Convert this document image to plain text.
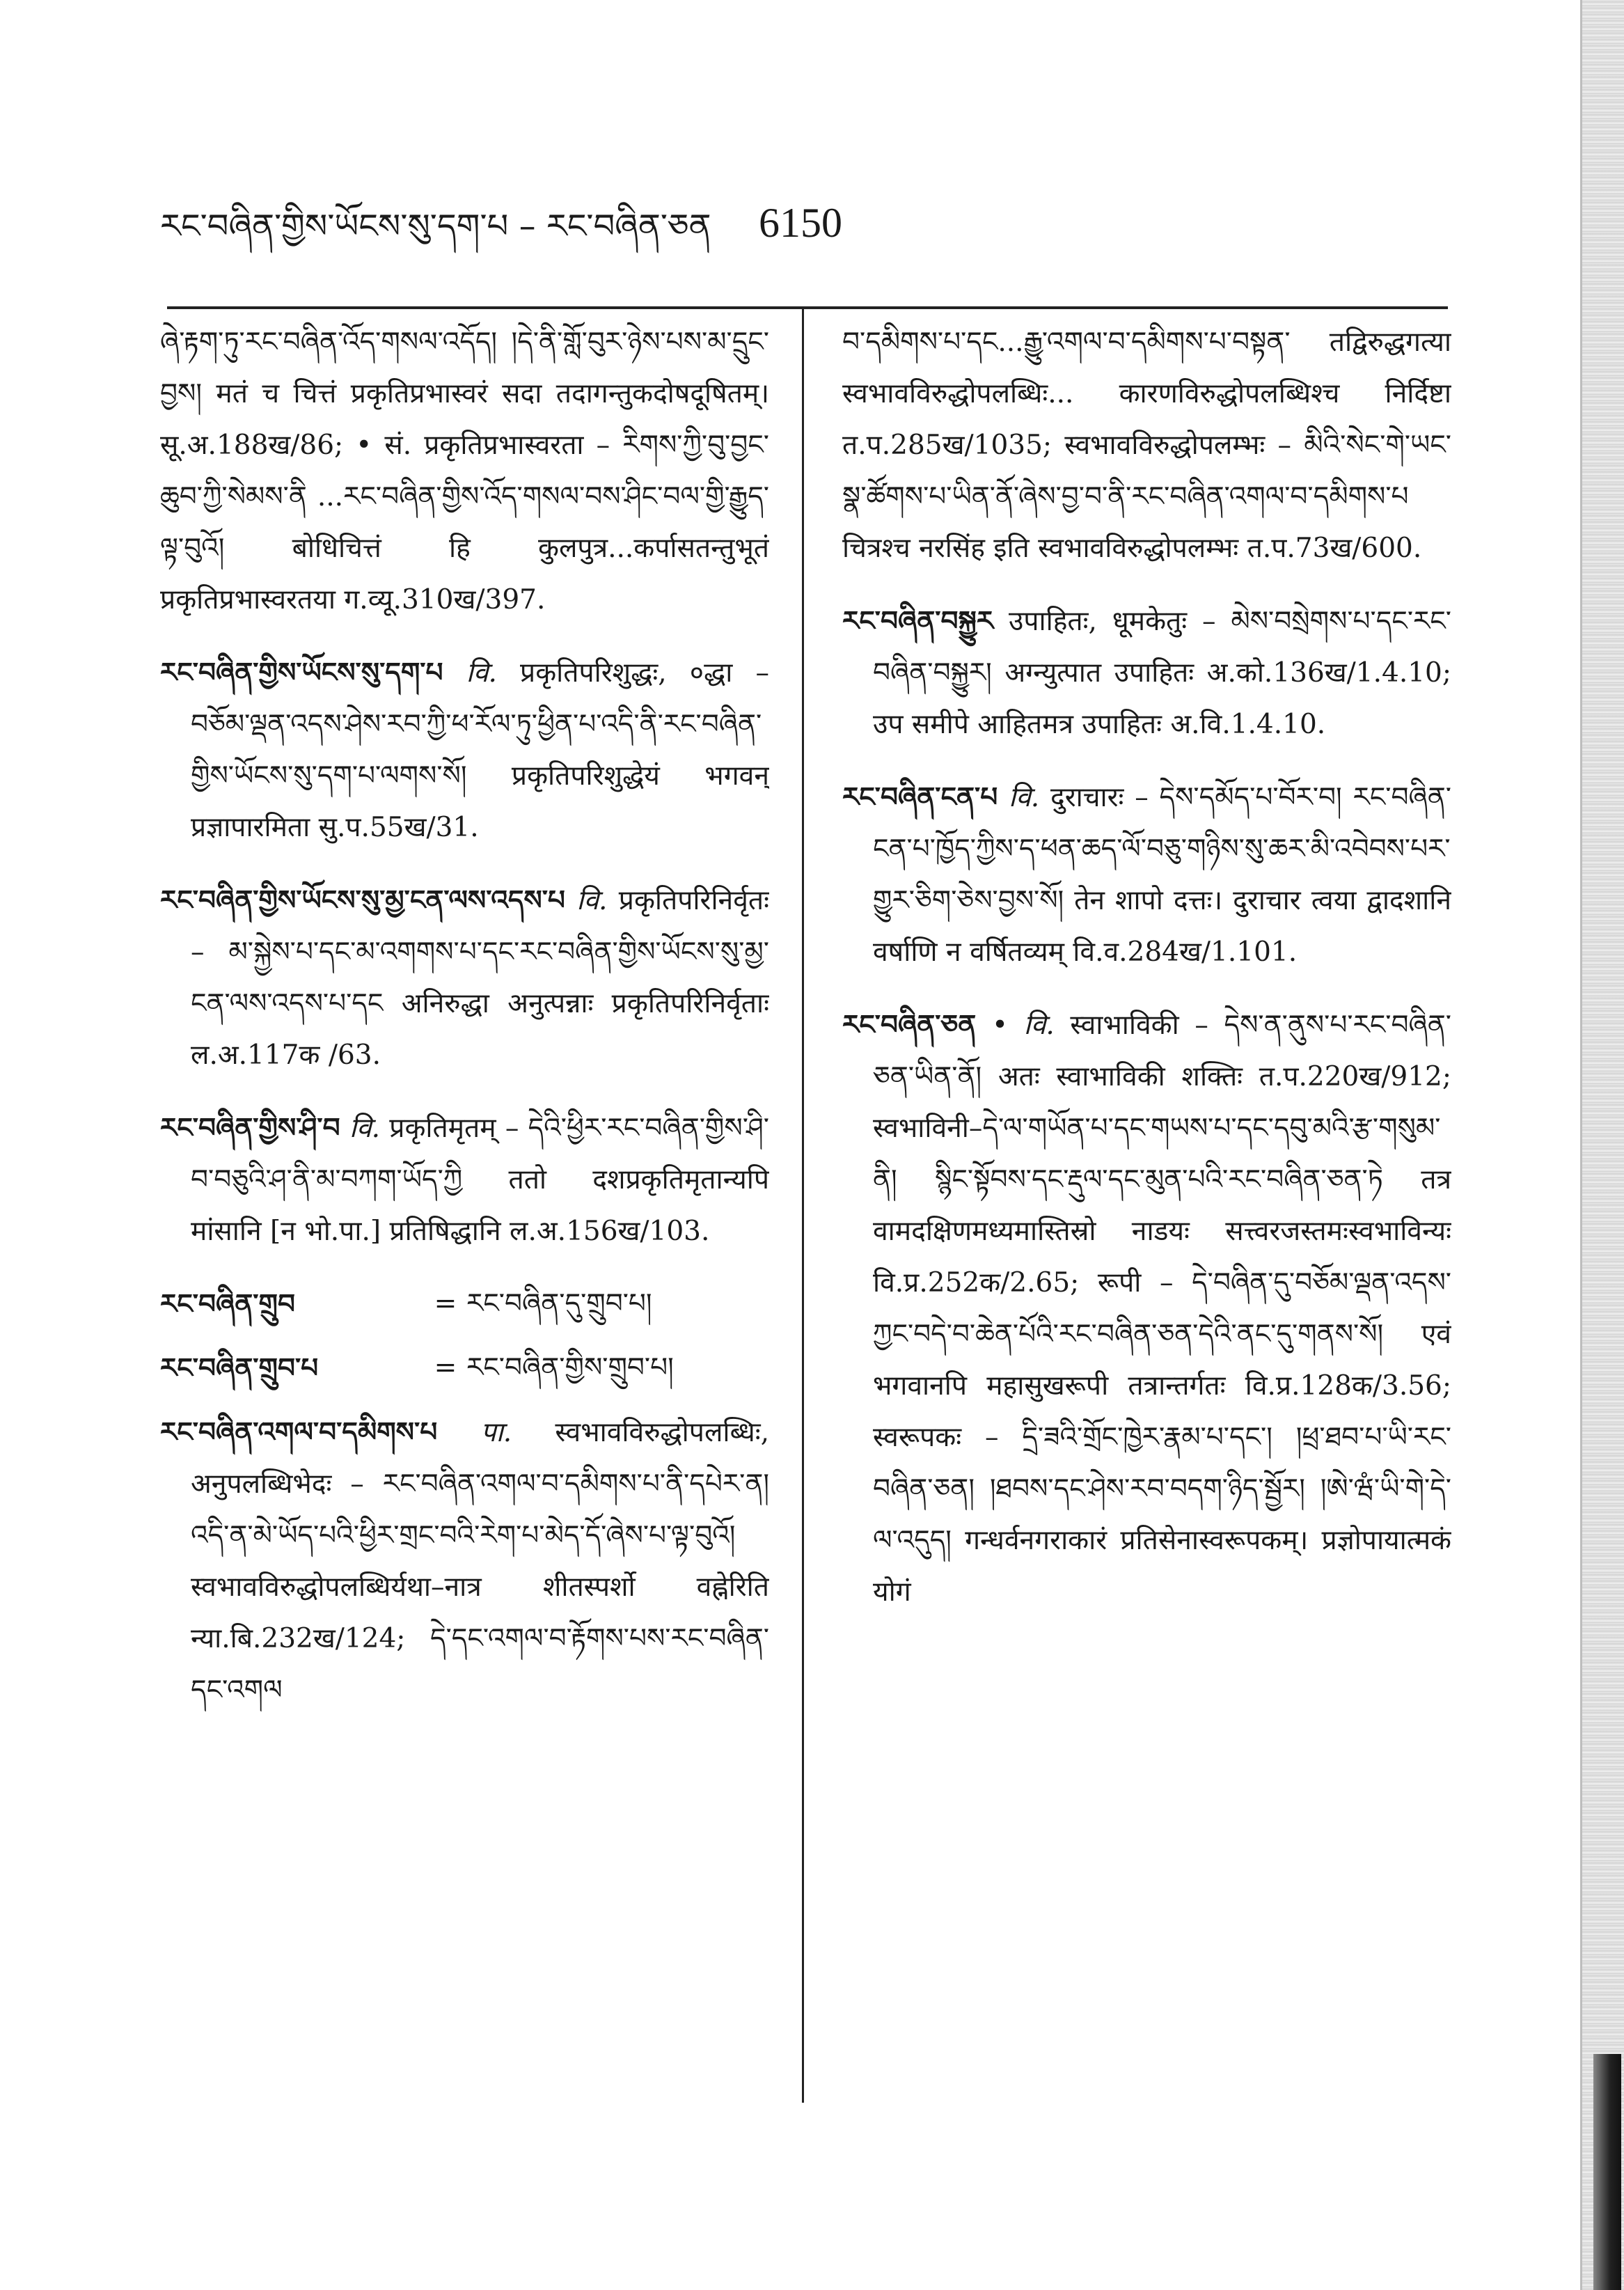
རང་བཞིན་གྱིས་ཡོངས་སུ་དག་པ – རང་བཞིན་ཅན	6150

ཞེ་རྟག་ཏུ་རང་བཞིན་འོད་གསལ་འདོད། །དེ་ནི་གློ་བུར་ཉེས་པས་མ་དྲུང་བྱས། मतं च चित्तं प्रकृतिप्रभास्वरं सदा तदागन्तुकदोषदूषितम्। सू.अ.188ख/86; • सं. प्रकृतिप्रभास्वरता – རིགས་ཀྱི་བུ་བྱང་ཆུབ་ཀྱི་སེམས་ནི ...རང་བཞིན་གྱིས་འོད་གསལ་བས་ཤིང་བལ་གྱི་རྒྱུད་ལྟ་བུའོ། बोधिचित्तं हि कुलपुत्र...कर्पासतन्तुभूतं प्रकृतिप्रभास्वरतया ग.व्यू.310ख/397.

རང་བཞིན་གྱིས་ཡོངས་སུ་དག་པ वि. प्रकृतिपरिशुद्धः, ०द्धा – བཅོམ་ལྡན་འདས་ཤེས་རབ་ཀྱི་ཕ་རོལ་ཏུ་ཕྱིན་པ་འདི་ནི་རང་བཞིན་གྱིས་ཡོངས་སུ་དག་པ་ལགས་སོ། प्रकृतिपरिशुद्धेयं भगवन् प्रज्ञापारमिता सु.प.55ख/31.

རང་བཞིན་གྱིས་ཡོངས་སུ་མྱ་ངན་ལས་འདས་པ वि. प्रकृतिपरिनिर्वृतः – མ་སྐྱེས་པ་དང་མ་འགགས་པ་དང་རང་བཞིན་གྱིས་ཡོངས་སུ་མྱ་ངན་ལས་འདས་པ་དང अनिरुद्धा अनुत्पन्नाः प्रकृतिपरिनिर्वृताः ल.अ.117क /63.

རང་བཞིན་གྱིས་ཤི་བ वि. प्रकृतिमृतम् – དེའི་ཕྱིར་རང་བཞིན་གྱིས་ཤི་བ་བཅུའི་ཤ་ནི་མ་བཀག་ཡོད་ཀྱི ततो दशप्रकृतिमृतान्यपि मांसानि [न भो.पा.] प्रतिषिद्धानि ल.अ.156ख/103.

རང་བཞིན་གྲུབ	= རང་བཞིན་དུ་གྲུབ་པ།
རང་བཞིན་གྲུབ་པ	= རང་བཞིན་གྱིས་གྲུབ་པ།

རང་བཞིན་འགལ་བ་དམིགས་པ पा. स्वभावविरुद्धोपलब्धिः, अनुपलब्धिभेदः – རང་བཞིན་འགལ་བ་དམིགས་པ་ནི་དཔེར་ན། འདི་ན་མེ་ཡོད་པའི་ཕྱིར་གྲང་བའི་རེག་པ་མེད་དོ་ཞེས་པ་ལྟ་བུའོ། स्वभावविरुद्धोपलब्धिर्यथा–नात्र शीतस्पर्शो वह्नेरिति न्या.बि.232ख/124; དེ་དང་འགལ་བ་རྟོགས་པས་རང་བཞིན་དང་འགལ

བ་དམིགས་པ་དང...རྒྱུ་འགལ་བ་དམིགས་པ་བསྟན་ तद्विरुद्धगत्या स्वभावविरुद्धोपलब्धिः... कारणविरुद्धोपलब्धिश्च निर्दिष्टा त.प.285ख/1035; स्वभावविरुद्धोपलम्भः – མིའི་སེང་གེ་ཡང་སྣ་ཚོགས་པ་ཡིན་ནོ་ཞེས་བྱ་བ་ནི་རང་བཞིན་འགལ་བ་དམིགས་པ चित्रश्च नरसिंह इति स्वभावविरुद्धोपलम्भः त.प.73ख/600.

རང་བཞིན་བསྐྱུར उपाहितः, धूमकेतुः – མེས་བསྲེགས་པ་དང་རང་བཞིན་བསྐྱུར། अग्न्युत्पात उपाहितः अ.को.136ख/1.4.10; उप समीपे आहितमत्र उपाहितः अ.वि.1.4.10.

རང་བཞིན་ངན་པ वि. दुराचारः – དེས་དམོད་པ་བོར་བ། རང་བཞིན་ངན་པ་ཁྱོད་ཀྱིས་ད་ཕན་ཆད་ལོ་བཅུ་གཉིས་སུ་ཆར་མི་འབེབས་པར་གྱུར་ཅིག་ཅེས་བྱས་སོ། तेन शापो दत्तः। दुराचार त्वया द्वादशानि वर्षाणि न वर्षितव्यम् वि.व.284ख/1.101.

རང་བཞིན་ཅན • वि. स्वाभाविकी – དེས་ན་ནུས་པ་རང་བཞིན་ཅན་ཡིན་ནོ། अतः स्वाभाविकी शक्तिः त.प.220ख/912; स्वभाविनी–དེ་ལ་གཡོན་པ་དང་གཡས་པ་དང་དབུ་མའི་རྩ་གསུམ་ནི། སྙིང་སྟོབས་དང་རྡུལ་དང་མུན་པའི་རང་བཞིན་ཅན་ཏེ तत्र वामदक्षिणमध्यमास्तिस्रो नाडयः सत्त्वरजस्तमःस्वभाविन्यः वि.प्र.252क/2.65; रूपी – དེ་བཞིན་དུ་བཅོམ་ལྡན་འདས་ཀྱང་བདེ་བ་ཆེན་པོའི་རང་བཞིན་ཅན་དེའི་ནང་དུ་གནས་སོ། एवं भगवानपि महासुखरूपी तत्रान्तर्गतः वि.प्र.128क/3.56; स्वरूपकः – དྲི་ཟའི་གྲོང་ཁྱེར་རྣམ་པ་དང་། །ཕྲ་ཐབ་པ་ཡི་རང་བཞིན་ཅན། །ཐབས་དང་ཤེས་རབ་བདག་ཉིད་སྦྱོར། །ཨེ་ཝཾ་ཡི་གེ་དེ་ལ་འདུད། गन्धर्वनगराकारं प्रतिसेनास्वरूपकम्। प्रज्ञोपायात्मकं योगं
